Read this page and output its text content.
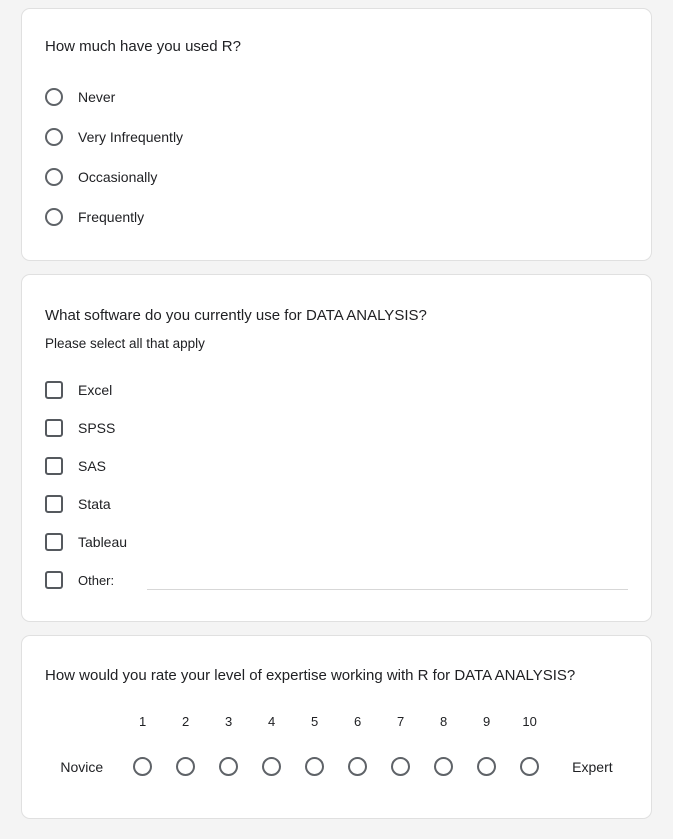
How much have you used R?
Never
Very Infrequently
Occasionally
Frequently
What software do you currently use for DATA ANALYSIS?
Please select all that apply
Excel
SPSS
SAS
Stata
Tableau
Other:
How would you rate your level of expertise working with R for DATA ANALYSIS?
Novice
1	2	3	4	5	6	7	8	9 10
Expert
